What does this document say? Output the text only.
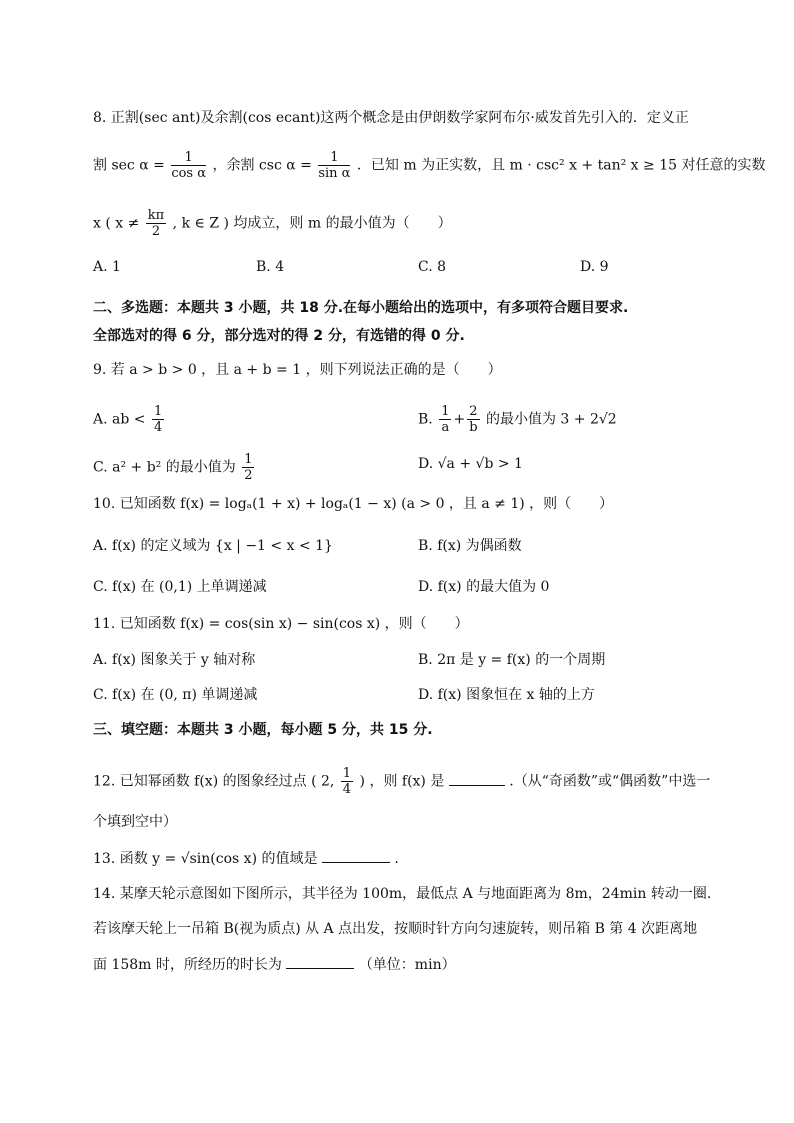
8. 正割(sec ant)及余割(cos ecant)这两个概念是由伊朗数学家阿布尔·威发首先引入的．定义正
割 $\sec \alpha = \frac{1}{\text{cos α}}$ ，余割 $\csc \alpha = \frac{1}{\text{sin α}}$ ．已知 m 为正实数，且 m · csc² x + tan² x ≥ 15 对任意的实数
x ( $x \ne \frac{k\pi}{2}$ , k ∈ Z ) 均成立，则 m 的最小值为（　　）
A. 1	B. 4	C. 8	D. 9
二、多选题：本题共 3 小题，共 18 分.在每小题给出的选项中，有多项符合题目要求.
全部选对的得 6 分，部分选对的得 2 分，有选错的得 0 分.
9. 若 a > b > 0 ，且 a + b = 1 ，则下列说法正确的是（　　）
A. ab < $\frac{1}{4}$	B. $\frac{1}{a} + \frac{2}{b}$ 的最小值为 3 + 2√2
C. a² + b² 的最小值为 $\frac{1}{2}$	D. √a + √b > 1
10. 已知函数 f(x) = logₐ(1 + x) + logₐ(1 − x) (a > 0 ，且 a ≠ 1) ，则（　　）
A. f(x) 的定义域为 {x | −1 < x < 1}	B. f(x) 为偶函数
C. f(x) 在 (0,1) 上单调递减	D. f(x) 的最大值为 0
11. 已知函数 f(x) = cos(sin x) − sin(cos x) ，则（　　）
A. f(x) 图象关于 y 轴对称	B. 2π 是 y = f(x) 的一个周期
C. f(x) 在 (0, π) 单调递减	D. f(x) 图象恒在 x 轴的上方
三、填空题：本题共 3 小题，每小题 5 分，共 15 分.
12. 已知幂函数 f(x) 的图象经过点 ( 2, $\frac{1}{4}$ ) ，则 f(x) 是	.（从“奇函数”或“偶函数”中选一
个填到空中）
13. 函数 y = √sin(cos x) 的值域是	.
14. 某摩天轮示意图如下图所示，其半径为 100m，最低点 A 与地面距离为 8m，24min 转动一圈.
若该摩天轮上一吊箱 B(视为质点) 从 A 点出发，按顺时针方向匀速旋转，则吊箱 B 第 4 次距离地
面 158m 时，所经历的时长为	（单位：min）
